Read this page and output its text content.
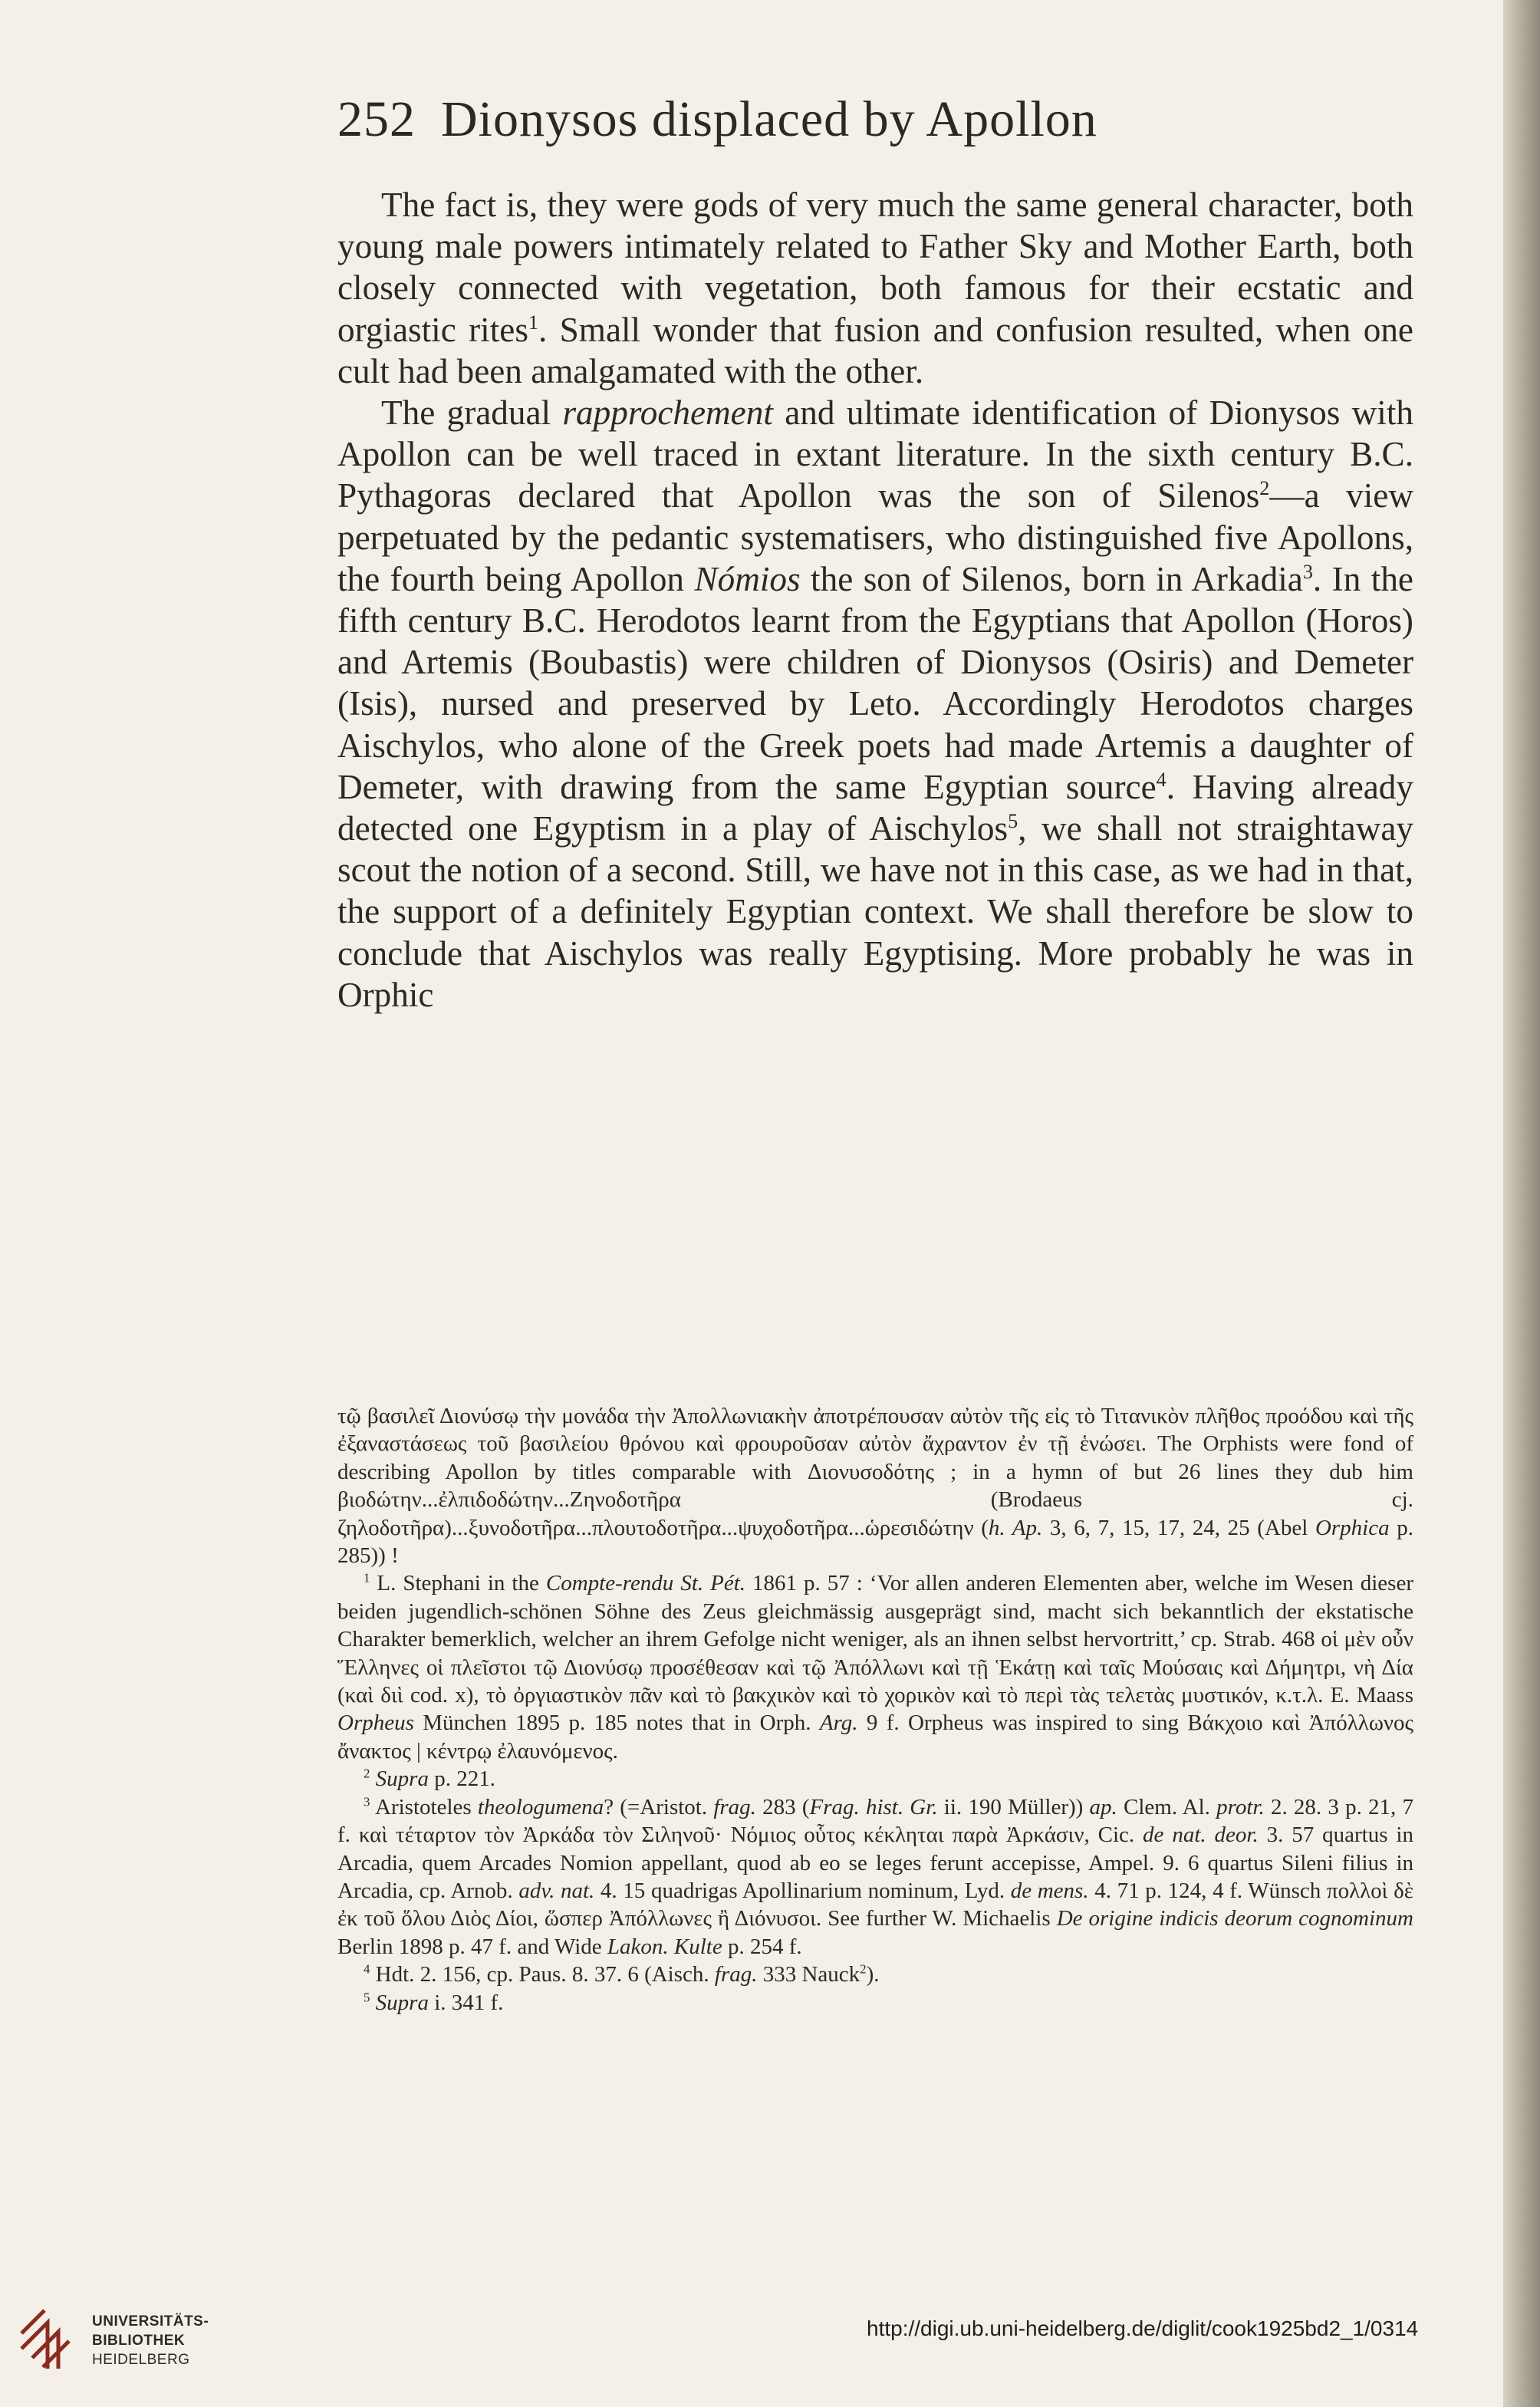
252 Dionysos displaced by Apollon

The fact is, they were gods of very much the same general character, both young male powers intimately related to Father Sky and Mother Earth, both closely connected with vegetation, both famous for their ecstatic and orgiastic rites$^1$. Small wonder that fusion and confusion resulted, when one cult had been amalgamated with the other.

The gradual rapprochement and ultimate identification of Dionysos with Apollon can be well traced in extant literature. In the sixth century B.C. Pythagoras declared that Apollon was the son of Silenos$^2$—a view perpetuated by the pedantic systematisers, who distinguished five Apollons, the fourth being Apollon Nómios the son of Silenos, born in Arkadia$^3$. In the fifth century B.C. Herodotos learnt from the Egyptians that Apollon (Horos) and Artemis (Boubastis) were children of Dionysos (Osiris) and Demeter (Isis), nursed and preserved by Leto. Accordingly Herodotos charges Aischylos, who alone of the Greek poets had made Artemis a daughter of Demeter, with drawing from the same Egyptian source$^4$. Having already detected one Egyptism in a play of Aischylos$^5$, we shall not straightaway scout the notion of a second. Still, we have not in this case, as we had in that, the support of a definitely Egyptian context. We shall therefore be slow to conclude that Aischylos was really Egyptising. More probably he was in Orphic

τῷ βασιλεῖ Διονύσῳ τὴν μονάδα τὴν Ἀπολλωνιακὴν ἀποτρέπουσαν αὐτὸν τῆς εἰς τὸ Τιτανικὸν πλῆθος προόδου καὶ τῆς ἐξαναστάσεως τοῦ βασιλείου θρόνου καὶ φρουροῦσαν αὐτὸν ἄχραντον ἐν τῇ ἑνώσει. The Orphists were fond of describing Apollon by titles comparable with Διονυσοδότης ; in a hymn of but 26 lines they dub him βιοδώτην...ἐλπιδοδώτην...Ζηνοδοτῆρα (Brodaeus cj. ζηλοδοτῆρα)...ξυνοδοτῆρα...πλουτοδοτῆρα...ψυχοδοτῆρα...ὡρεσιδώτην (h. Ap. 3, 6, 7, 15, 17, 24, 25 (Abel Orphica p. 285)) !

$^1$ L. Stephani in the Compte-rendu St. Pét. 1861 p. 57 : ‘Vor allen anderen Elementen aber, welche im Wesen dieser beiden jugendlich-schönen Söhne des Zeus gleichmässig ausgeprägt sind, macht sich bekanntlich der ekstatische Charakter bemerklich, welcher an ihrem Gefolge nicht weniger, als an ihnen selbst hervortritt,’ cp. Strab. 468 οἱ μὲν οὖν Ἕλληνες οἱ πλεῖστοι τῷ Διονύσῳ προσέθεσαν καὶ τῷ Ἀπόλλωνι καὶ τῇ Ἑκάτῃ καὶ ταῖς Μούσαις καὶ Δήμητρι, νὴ Δία (καὶ διὶ cod. x), τὸ ὀργιαστικὸν πᾶν καὶ τὸ βακχικὸν καὶ τὸ χορικὸν καὶ τὸ περὶ τὰς τελετὰς μυστικόν, κ.τ.λ. E. Maass Orpheus München 1895 p. 185 notes that in Orph. Arg. 9 f. Orpheus was inspired to sing Βάκχοιο καὶ Ἀπόλλωνος ἄνακτος | κέντρῳ ἐλαυνόμενος.

$^2$ Supra p. 221.

$^3$ Aristoteles theologumena? (=Aristot. frag. 283 (Frag. hist. Gr. ii. 190 Müller)) ap. Clem. Al. protr. 2. 28. 3 p. 21, 7 f. καὶ τέταρτον τὸν Ἀρκάδα τὸν Σιληνοῦ· Νόμιος οὗτος κέκληται παρὰ Ἀρκάσιν, Cic. de nat. deor. 3. 57 quartus in Arcadia, quem Arcades Nomion appellant, quod ab eo se leges ferunt accepisse, Ampel. 9. 6 quartus Sileni filius in Arcadia, cp. Arnob. adv. nat. 4. 15 quadrigas Apollinarium nominum, Lyd. de mens. 4. 71 p. 124, 4 f. Wünsch πολλοὶ δὲ ἐκ τοῦ ὅλου Διὸς Δίοι, ὥσπερ Ἀπόλλωνες ἢ Διόνυσοι. See further W. Michaelis De origine indicis deorum cognominum Berlin 1898 p. 47 f. and Wide Lakon. Kulte p. 254 f.

$^4$ Hdt. 2. 156, cp. Paus. 8. 37. 6 (Aisch. frag. 333 Nauck$^2$).

$^5$ Supra i. 341 f.

UNIVERSITÄTS-
BIBLIOTHEK
HEIDELBERG
http://digi.ub.uni-heidelberg.de/diglit/cook1925bd2_1/0314
